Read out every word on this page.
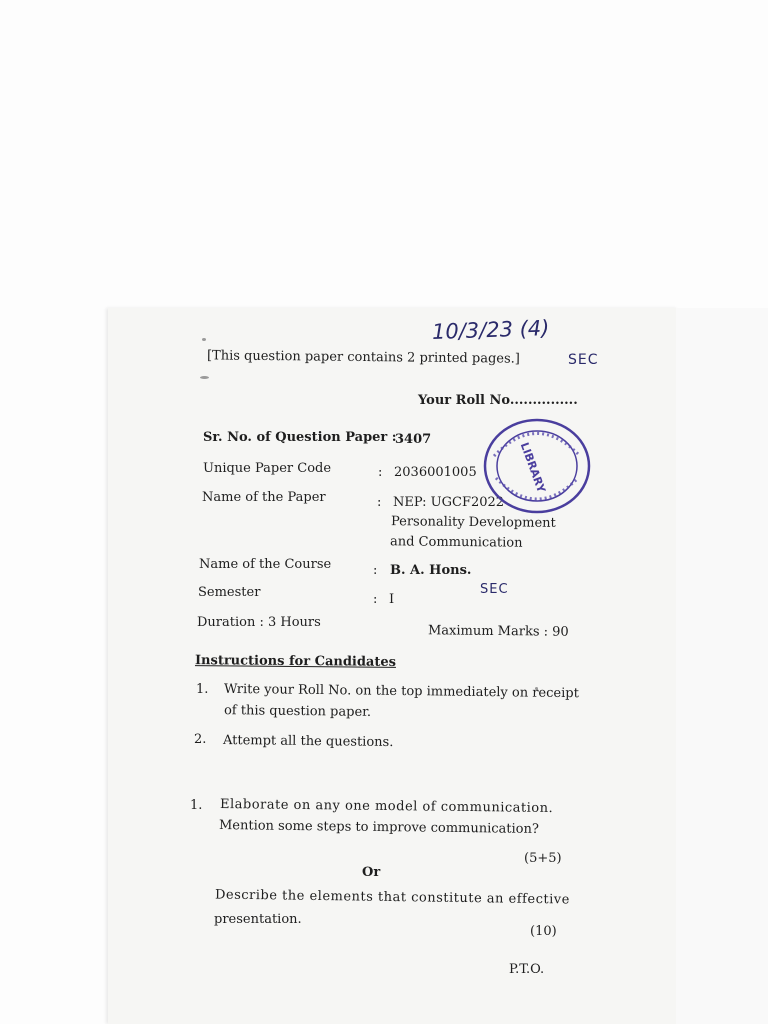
10/3/23 (4)
SEC
SEC
[This question paper contains 2 printed pages.]
Your Roll No...............
Sr. No. of Question Paper :
3407
Unique Paper Code	: 2036001005
Name of the Paper	: NEP: UGCF2022
Personality Development
and Communication
Name of the Course	: B. A. Hons.
Semester	: I
Duration : 3 Hours
Maximum Marks : 90
Instructions for Candidates
1. Write your Roll No. on the top immediately on receipt
of this question paper.
2. Attempt all the questions.
1. Elaborate on any one model of communication.
Mention some steps to improve communication?
(5+5)
Or
Describe the elements that constitute an effective
presentation.
(10)
P.T.O.
LIBRARY
